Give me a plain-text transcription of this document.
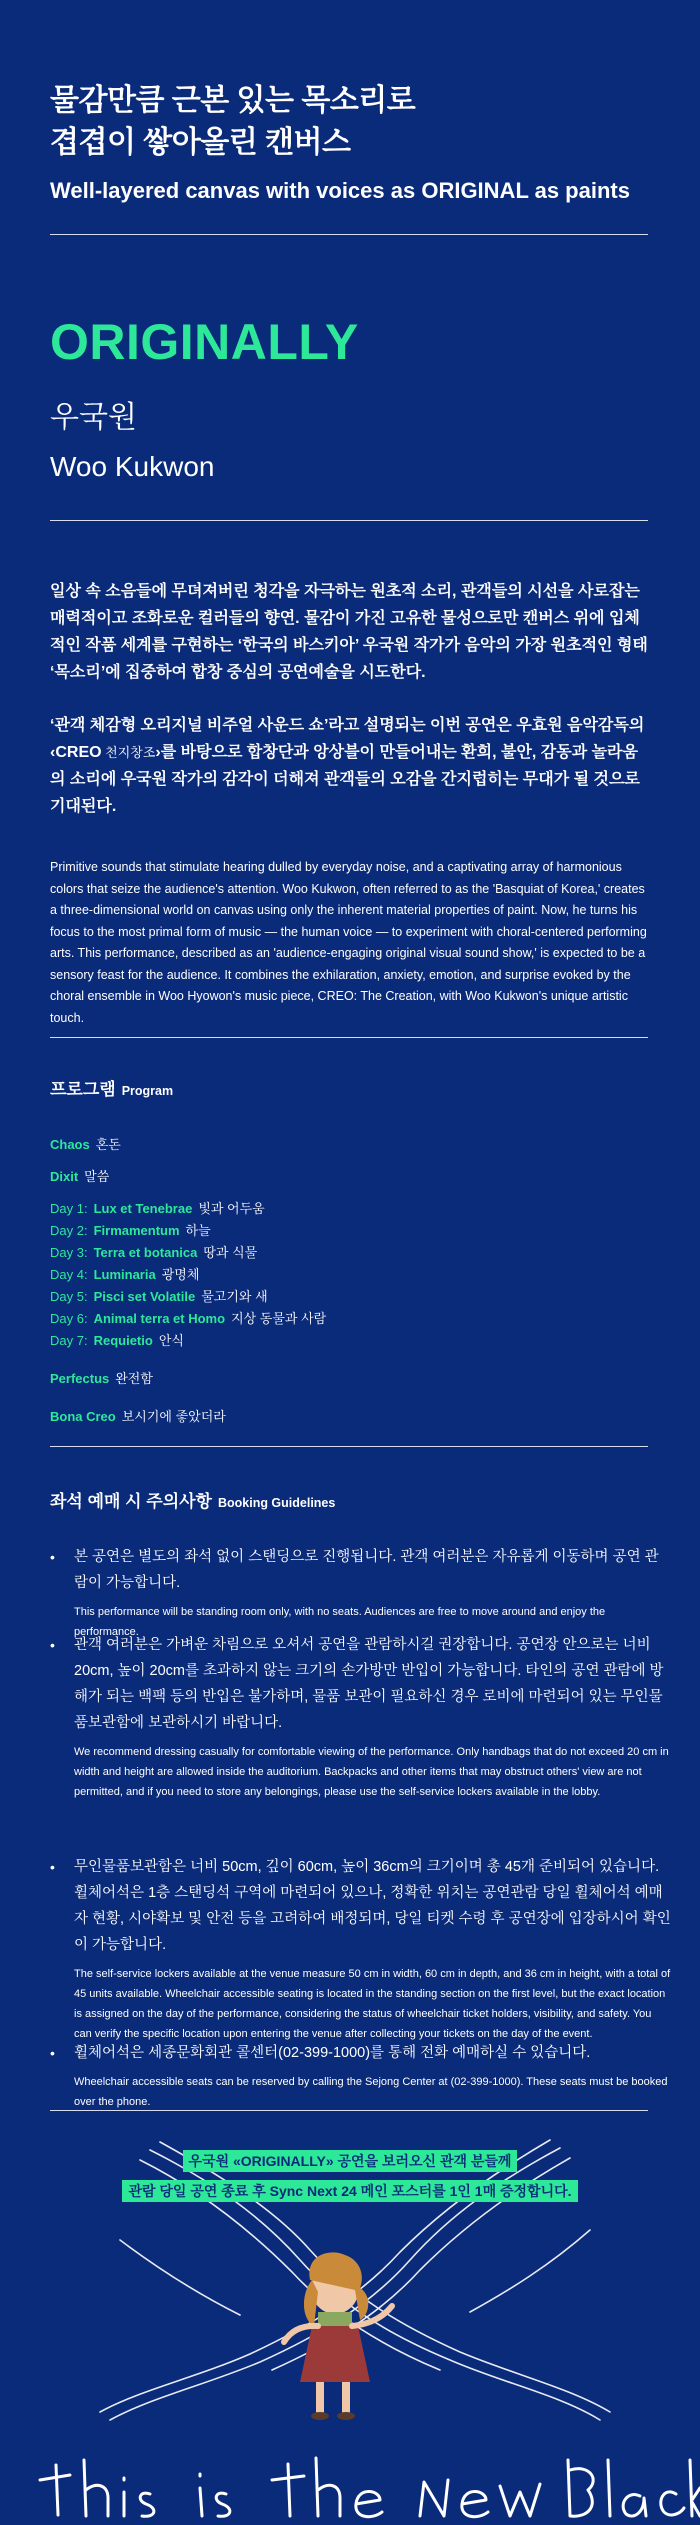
물감만큼 근본 있는 목소리로
겹겹이 쌓아올린 캔버스
Well-layered canvas with voices as ORIGINAL as paints
ORIGINALLY
우국원
Woo Kukwon
일상 속 소음들에 무뎌져버린 청각을 자극하는 원초적 소리, 관객들의 시선을 사로잡는 매력적이고 조화로운 컬러들의 향연. 물감이 가진 고유한 물성으로만 캔버스 위에 입체적인 작품 세계를 구현하는 ‘한국의 바스키아’ 우국원 작가가 음악의 가장 원초적인 형태 ‘목소리’에 집중하여 합창 중심의 공연예술을 시도한다.
‘관객 체감형 오리지널 비주얼 사운드 쇼’라고 설명되는 이번 공연은 우효원 음악감독의 ‹CREO 천지창조›를 바탕으로 합창단과 앙상블이 만들어내는 환희, 불안, 감동과 놀라움의 소리에 우국원 작가의 감각이 더해져 관객들의 오감을 간지럽히는 무대가 될 것으로 기대된다.
Primitive sounds that stimulate hearing dulled by everyday noise, and a captivating array of harmonious colors that seize the audience's attention. Woo Kukwon, often referred to as the 'Basquiat of Korea,' creates a three-dimensional world on canvas using only the inherent material properties of paint. Now, he turns his focus to the most primal form of music — the human voice — to experiment with choral-centered performing arts. This performance, described as an 'audience-engaging original visual sound show,' is expected to be a sensory feast for the audience. It combines the exhilaration, anxiety, emotion, and surprise evoked by the choral ensemble in Woo Hyowon's music piece, CREO: The Creation, with Woo Kukwon's unique artistic touch.
프로그램 Program
Chaos 혼돈
Dixit 말씀
Day 1: Lux et Tenebrae 빛과 어두움
Day 2: Firmamentum 하늘
Day 3: Terra et botanica 땅과 식물
Day 4: Luminaria 광명체
Day 5: Pisci set Volatile 물고기와 새
Day 6: Animal terra et Homo 지상 동물과 사람
Day 7: Requietio 안식
Perfectus 완전함
Bona Creo 보시기에 좋았더라
좌석 예매 시 주의사항 Booking Guidelines
• 본 공연은 별도의 좌석 없이 스탠딩으로 진행됩니다. 관객 여러분은 자유롭게 이동하며 공연 관람이 가능합니다.
This performance will be standing room only, with no seats. Audiences are free to move around and enjoy the performance.
• 관객 여러분은 가벼운 차림으로 오셔서 공연을 관람하시길 권장합니다. 공연장 안으로는 너비 20cm, 높이 20cm를 초과하지 않는 크기의 손가방만 반입이 가능합니다. 타인의 공연 관람에 방해가 되는 백팩 등의 반입은 불가하며, 물품 보관이 필요하신 경우 로비에 마련되어 있는 무인물품보관함에 보관하시기 바랍니다.
We recommend dressing casually for comfortable viewing of the performance. Only handbags that do not exceed 20 cm in width and height are allowed inside the auditorium. Backpacks and other items that may obstruct others' view are not permitted, and if you need to store any belongings, please use the self-service lockers available in the lobby.
• 무인물품보관함은 너비 50cm, 깊이 60cm, 높이 36cm의 크기이며 총 45개 준비되어 있습니다. 휠체어석은 1층 스탠딩석 구역에 마련되어 있으나, 정확한 위치는 공연관람 당일 휠체어석 예매자 현황, 시야확보 및 안전 등을 고려하여 배정되며, 당일 티켓 수령 후 공연장에 입장하시어 확인이 가능합니다.
The self-service lockers available at the venue measure 50 cm in width, 60 cm in depth, and 36 cm in height, with a total of 45 units available. Wheelchair accessible seating is located in the standing section on the first level, but the exact location is assigned on the day of the performance, considering the status of wheelchair ticket holders, visibility, and safety. You can verify the specific location upon entering the venue after collecting your tickets on the day of the event.
• 휠체어석은 세종문화회관 콜센터(02-399-1000)를 통해 전화 예매하실 수 있습니다.
Wheelchair accessible seats can be reserved by calling the Sejong Center at (02-399-1000). These seats must be booked over the phone.
우국원 «ORIGINALLY» 공연을 보러오신 관객 분들께
관람 당일 공연 종료 후 Sync Next 24 메인 포스터를 1인 1매 증정합니다.
